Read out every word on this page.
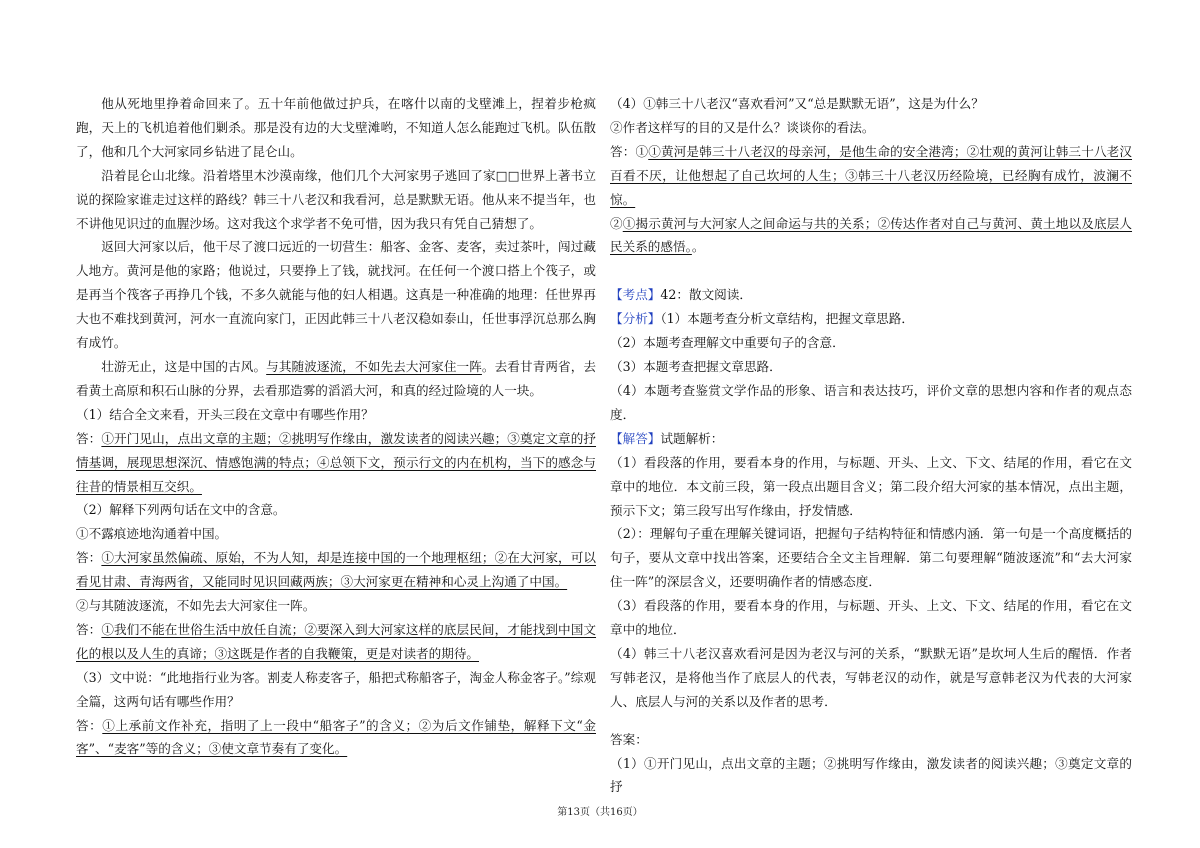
他从死地里挣着命回来了。五十年前他做过护兵，在喀什以南的戈壁滩上，捏着步枪疯跑，天上的飞机追着他们剿杀。那是没有边的大戈壁滩哟，不知道人怎么能跑过飞机。队伍散了，他和几个大河家同乡钻进了昆仑山。

沿着昆仑山北缘。沿着塔里木沙漠南缘，他们几个大河家男子逃回了家□□世界上著书立说的探险家谁走过这样的路线？韩三十八老汉和我看河，总是默默无语。他从来不提当年，也不讲他见识过的血腥沙场。这对我这个求学者不免可惜，因为我只有凭自己猜想了。

返回大河家以后，他干尽了渡口远近的一切营生：船客、金客、麦客，卖过茶叶，闯过藏人地方。黄河是他的家路；他说过，只要挣上了钱，就找河。在任何一个渡口搭上个筏子，或是再当个筏客子再挣几个钱，不多久就能与他的妇人相遇。这真是一种准确的地理：任世界再大也不难找到黄河，河水一直流向家门，正因此韩三十八老汉稳如泰山，任世事浮沉总那么胸有成竹。

壮游无止，这是中国的古风。与其随波逐流，不如先去大河家住一阵。去看甘青两省，去看黄土高原和积石山脉的分界，去看那造雾的滔滔大河，和真的经过险境的人一块。

（1）结合全文来看，开头三段在文章中有哪些作用？

答：①开门见山，点出文章的主题；②挑明写作缘由，激发读者的阅读兴趣；③奠定文章的抒情基调，展现思想深沉、情感饱满的特点；④总领下文，预示行文的内在机构，当下的感念与往昔的情景相互交织。

（2）解释下列两句话在文中的含意。

①不露痕迹地沟通着中国。

答：①大河家虽然偏疏、原始，不为人知，却是连接中国的一个地理枢纽；②在大河家，可以看见甘肃、青海两省，又能同时见识回藏两族；③大河家更在精神和心灵上沟通了中国。

②与其随波逐流，不如先去大河家住一阵。

答：①我们不能在世俗生活中放任自流；②要深入到大河家这样的底层民间，才能找到中国文化的根以及人生的真谛；③这既是作者的自我鞭策，更是对读者的期待。

（3）文中说：“此地指行业为客。割麦人称麦客子，船把式称船客子，淘金人称金客子。”综观全篇，这两句话有哪些作用？

答：①上承前文作补充，指明了上一段中“船客子”的含义；②为后文作铺垫，解释下文“金客”、“麦客”等的含义；③使文章节奏有了变化。

（4）①韩三十八老汉“喜欢看河”又“总是默默无语”，这是为什么？

②作者这样写的目的又是什么？谈谈你的看法。

答：①①黄河是韩三十八老汉的母亲河，是他生命的安全港湾；②壮观的黄河让韩三十八老汉百看不厌，让他想起了自己坎坷的人生；③韩三十八老汉历经险境，已经胸有成竹，波澜不惊。

②①揭示黄河与大河家人之间命运与共的关系；②传达作者对自己与黄河、黄土地以及底层人民关系的感悟。。

【考点】42：散文阅读．

【分析】（1）本题考查分析文章结构，把握文章思路．

（2）本题考查理解文中重要句子的含意．

（3）本题考查把握文章思路．

（4）本题考查鉴赏文学作品的形象、语言和表达技巧，评价文章的思想内容和作者的观点态度．

【解答】试题解析：

（1）看段落的作用，要看本身的作用，与标题、开头、上文、下文、结尾的作用，看它在文章中的地位．本文前三段，第一段点出题目含义；第二段介绍大河家的基本情况，点出主题，预示下文；第三段写出写作缘由，抒发情感．

（2）：理解句子重在理解关键词语，把握句子结构特征和情感内涵．第一句是一个高度概括的句子，要从文章中找出答案，还要结合全文主旨理解．第二句要理解“随波逐流”和“去大河家住一阵”的深层含义，还要明确作者的情感态度．

（3）看段落的作用，要看本身的作用，与标题、开头、上文、下文、结尾的作用，看它在文章中的地位．

（4）韩三十八老汉喜欢看河是因为老汉与河的关系，“默默无语”是坎坷人生后的醒悟．作者写韩老汉，是将他当作了底层人的代表，写韩老汉的动作，就是写意韩老汉为代表的大河家人、底层人与河的关系以及作者的思考．

答案：

（1）①开门见山，点出文章的主题；②挑明写作缘由，激发读者的阅读兴趣；③奠定文章的抒

第13页（共16页）
